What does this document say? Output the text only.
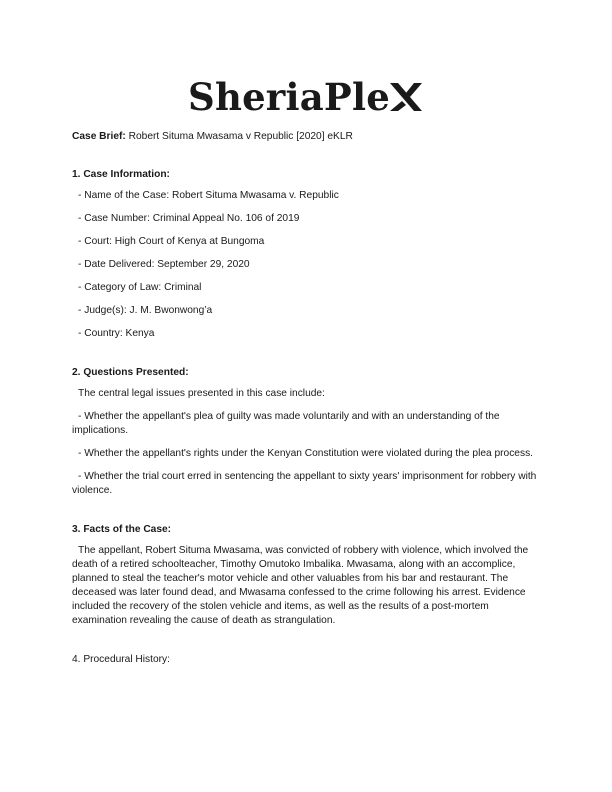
SheriaPle

Case Brief: Robert Situma Mwasama v Republic [2020] eKLR

1. Case Information:
- Name of the Case: Robert Situma Mwasama v. Republic
- Case Number: Criminal Appeal No. 106 of 2019
- Court: High Court of Kenya at Bungoma
- Date Delivered: September 29, 2020
- Category of Law: Criminal
- Judge(s): J. M. Bwonwong’a
- Country: Kenya
2. Questions Presented:
The central legal issues presented in this case include:
- Whether the appellant's plea of guilty was made voluntarily and with an understanding of the implications.
- Whether the appellant's rights under the Kenyan Constitution were violated during the plea process.
- Whether the trial court erred in sentencing the appellant to sixty years' imprisonment for robbery with violence.
3. Facts of the Case:

The appellant, Robert Situma Mwasama, was convicted of robbery with violence, which involved the death of a retired schoolteacher, Timothy Omutoko Imbalika. Mwasama, along with an accomplice, planned to steal the teacher's motor vehicle and other valuables from his bar and restaurant. The deceased was later found dead, and Mwasama confessed to the crime following his arrest. Evidence included the recovery of the stolen vehicle and items, as well as the results of a post-mortem examination revealing the cause of death as strangulation.

4. Procedural History:
